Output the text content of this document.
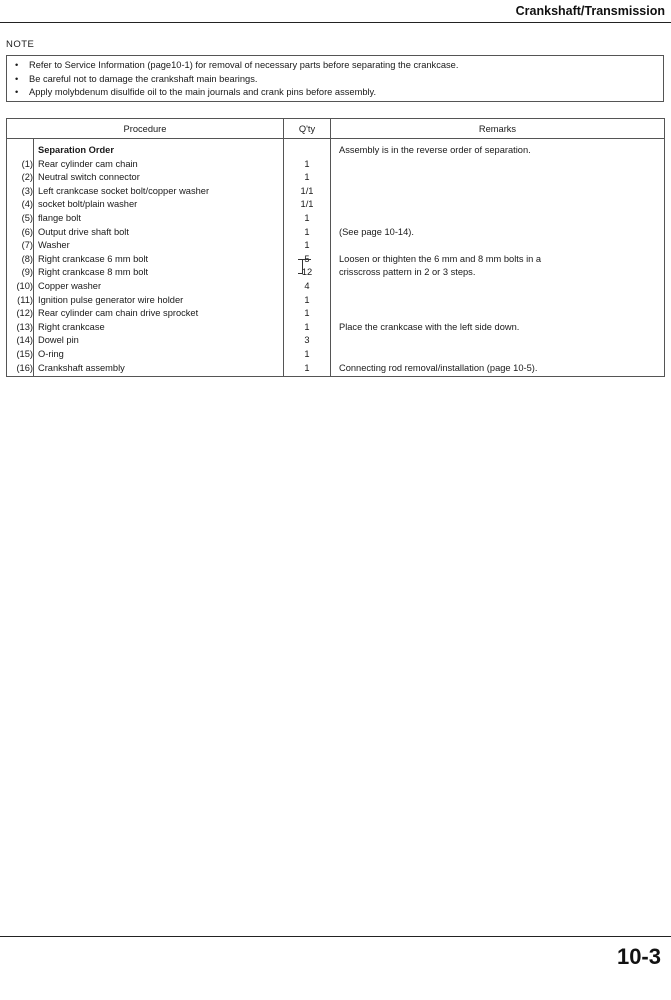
Crankshaft/Transmission
NOTE
•	Refer to Service Information (page10-1) for removal of necessary parts before separating the crankcase.
•	Be careful not to damage the crankshaft main bearings.
•	Apply molybdenum disulfide oil to the main journals and crank pins before assembly.
Procedure		Q'ty	Remarks
	Separation Order		Assembly is in the reverse order of separation.
(1)	Rear cylinder cam chain	1	
(2)	Neutral switch connector	1	
(3)	Left crankcase socket bolt/copper washer	1/1	
(4)	socket bolt/plain washer	1/1	
(5)	flange bolt	1	
(6)	Output drive shaft bolt	1	(See page 10-14).
(7)	Washer	1	
(8)	Right crankcase 6 mm bolt	5	Loosen or thighten the 6 mm and 8 mm bolts in a
(9)	Right crankcase 8 mm bolt	12	crisscross pattern in 2 or 3 steps.
(10)	Copper washer	4	
(11)	Ignition pulse generator wire holder	1	
(12)	Rear cylinder cam chain drive sprocket	1	
(13)	Right crankcase	1	Place the crankcase with the left side down.
(14)	Dowel pin	3	
(15)	O-ring	1	
(16)	Crankshaft assembly	1	Connecting rod removal/installation (page 10-5).
10-3
